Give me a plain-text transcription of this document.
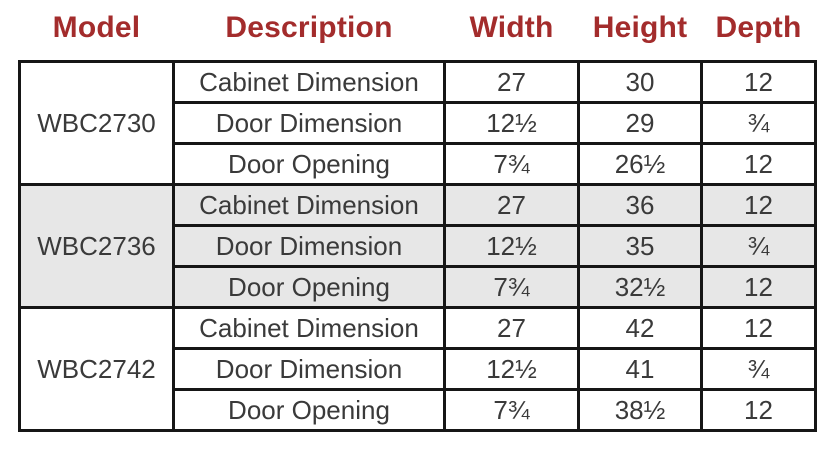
Model	Description	Width	Height	Depth
WBC2730	Cabinet Dimension	27	30	12
	Door Dimension	12½	29	¾
	Door Opening	7¾	26½	12
WBC2736	Cabinet Dimension	27	36	12
	Door Dimension	12½	35	¾
	Door Opening	7¾	32½	12
WBC2742	Cabinet Dimension	27	42	12
	Door Dimension	12½	41	¾
	Door Opening	7¾	38½	12
